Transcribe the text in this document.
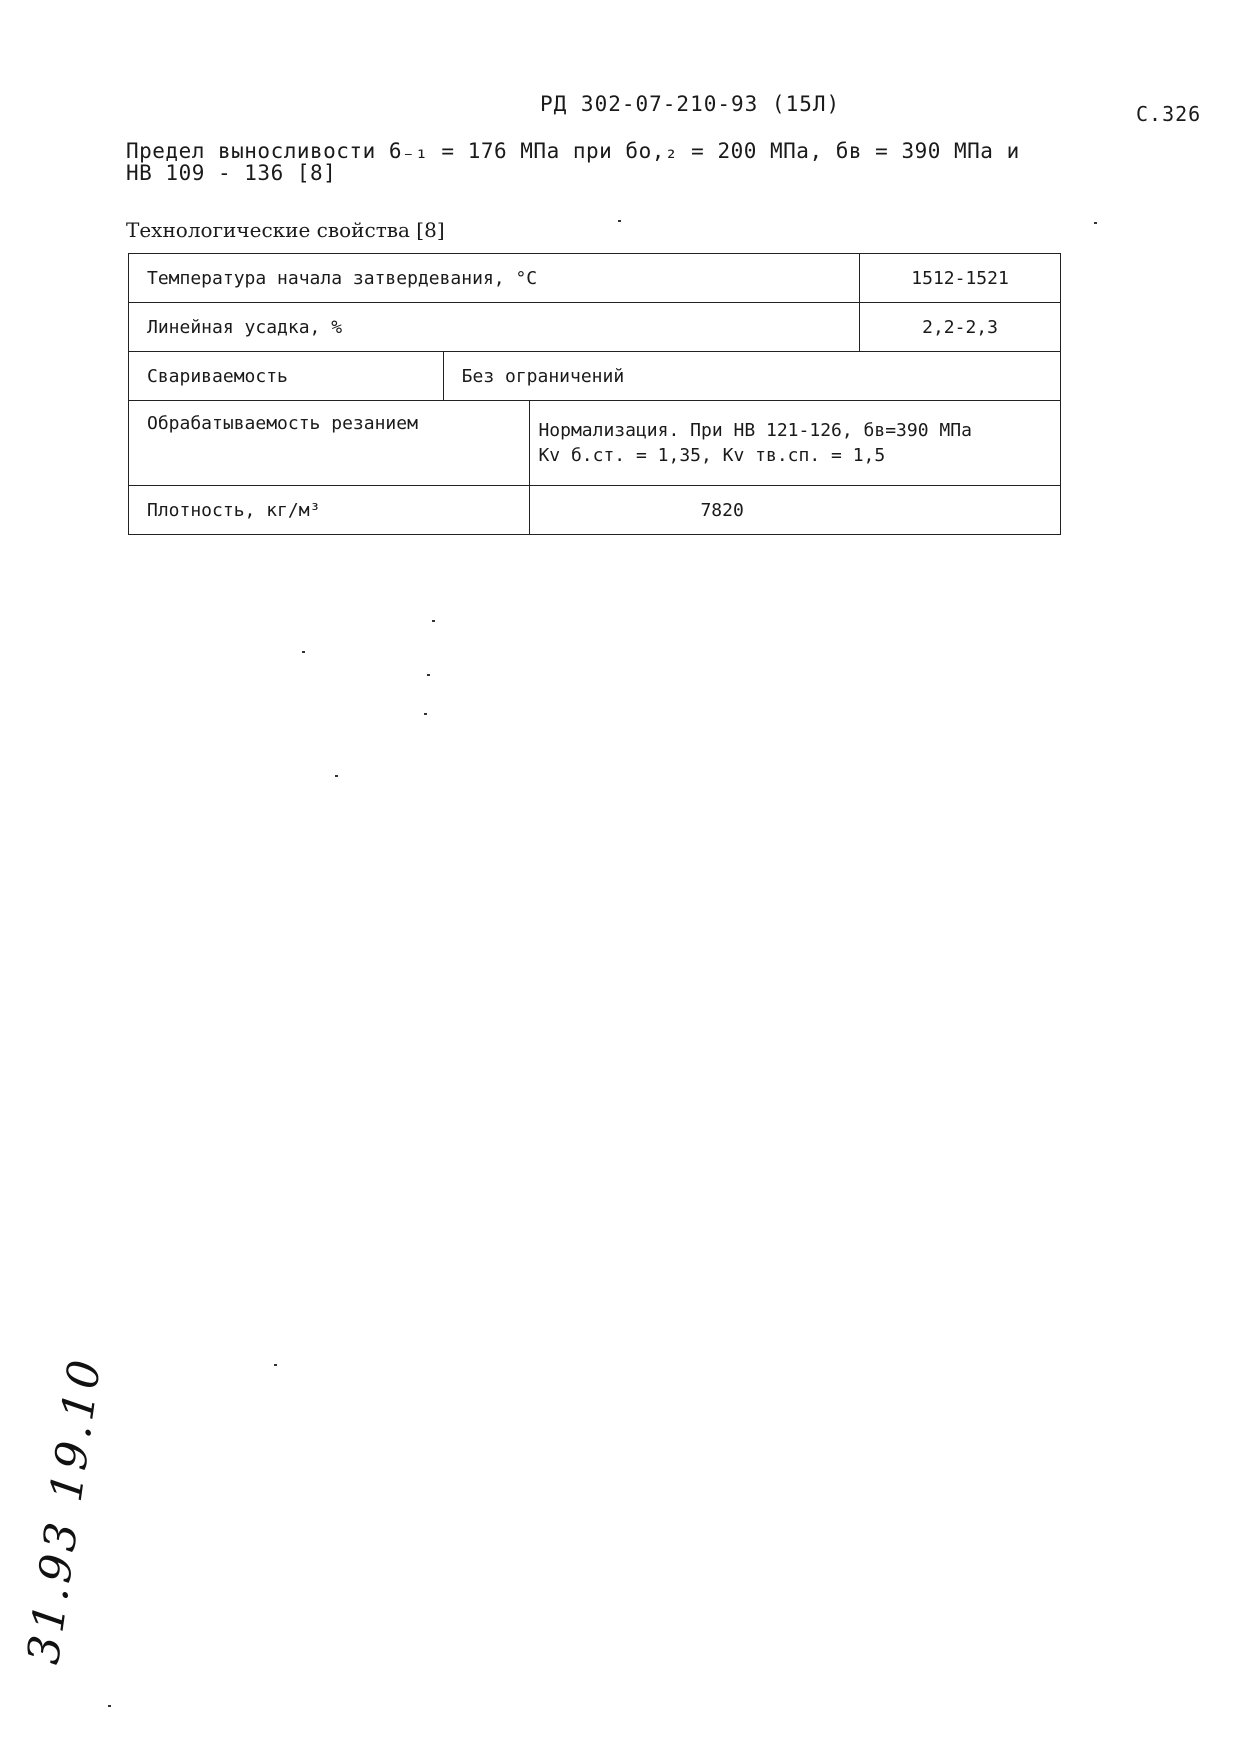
РД 302-07-210-93 (15Л)	С.326
Предел выносливости 6₋₁ = 176 МПа при бо,₂ = 200 МПа, бв = 390 МПа и
НВ 109 - 136 [8]
Технологические свойства [8]
Температура начала затвердевания, °С			1512-1521
Линейная усадка, %			2,2-2,3
Свариваемость	Без ограничений		
Обрабатываемость резанием		Нормализация. При НВ 121-126, бв=390 МПа
Kv б.ст. = 1,35, Kv тв.сп. = 1,5	

Плотность, кг/м³		7820	
31.93 19.10
